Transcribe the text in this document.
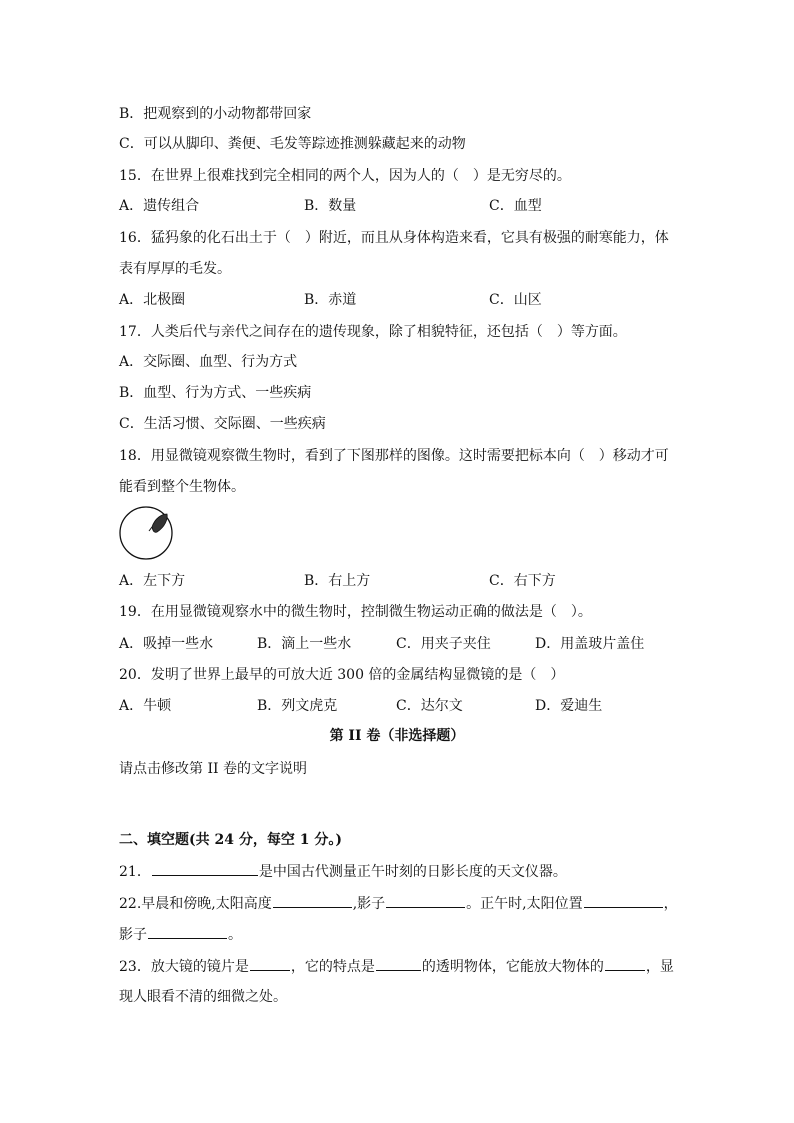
B．把观察到的小动物都带回家
C．可以从脚印、粪便、毛发等踪迹推测躲藏起来的动物
15．在世界上很难找到完全相同的两个人，因为人的（　）是无穷尽的。
A．遗传组合	B．数量	C．血型
16．猛犸象的化石出土于（　）附近，而且从身体构造来看，它具有极强的耐寒能力，体
表有厚厚的毛发。
A．北极圈	B．赤道	C．山区
17．人类后代与亲代之间存在的遗传现象，除了相貌特征，还包括（　）等方面。
A．交际圈、血型、行为方式
B．血型、行为方式、一些疾病
C．生活习惯、交际圈、一些疾病
18．用显微镜观察微生物时，看到了下图那样的图像。这时需要把标本向（　）移动才可
能看到整个生物体。
A．左下方	B．右上方	C．右下方
19．在用显微镜观察水中的微生物时，控制微生物运动正确的做法是（　）。
A．吸掉一些水	B．滴上一些水	C．用夹子夹住	D．用盖玻片盖住
20．发明了世界上最早的可放大近 300 倍的金属结构显微镜的是（　）
A．牛顿	B．列文虎克	C．达尔文	D．爱迪生
第 II 卷（非选择题）
请点击修改第 II 卷的文字说明
二、填空题(共 24 分，每空 1 分。)
21．	是中国古代测量正午时刻的日影长度的天文仪器。
22.早晨和傍晚,太阳高度	,影子	。正午时,太阳位置	，
影子	。
23．放大镜的镜片是	，它的特点是	的透明物体，它能放大物体的	，显
现人眼看不清的细微之处。
